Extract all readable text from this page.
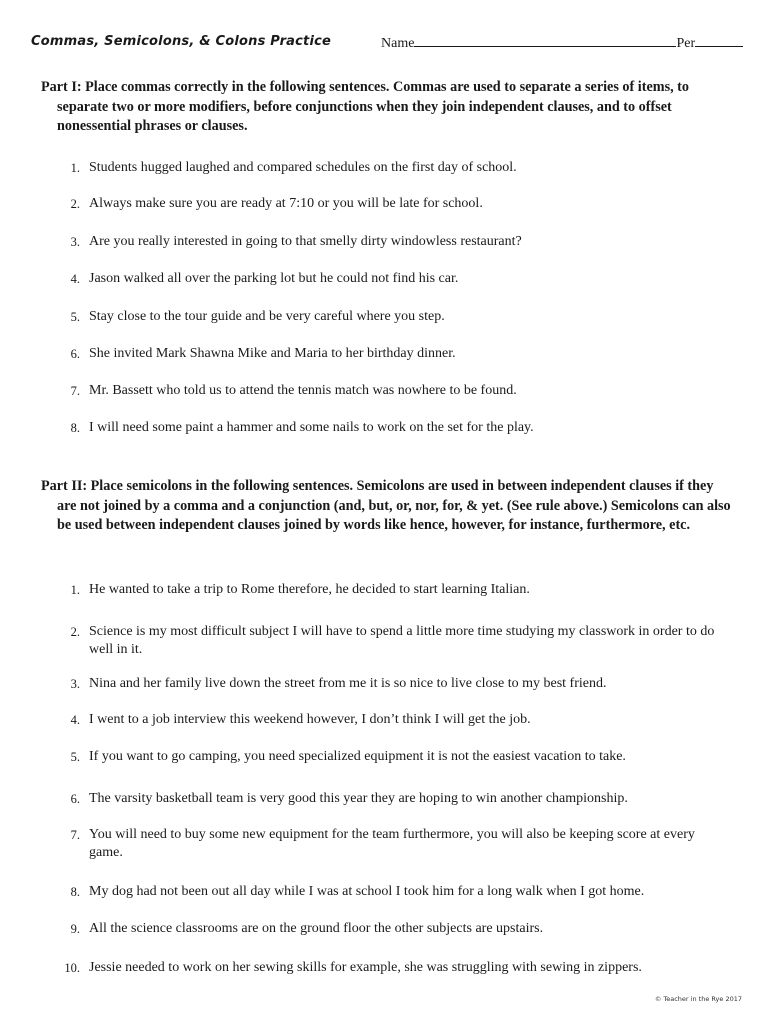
Commas, Semicolons, & Colons Practice	Name	Per
Part I: Place commas correctly in the following sentences. Commas are used to separate a series of items, to separate two or more modifiers, before conjunctions when they join independent clauses, and to offset nonessential phrases or clauses.
1. Students hugged laughed and compared schedules on the first day of school.
2. Always make sure you are ready at 7:10 or you will be late for school.
3. Are you really interested in going to that smelly dirty windowless restaurant?
4. Jason walked all over the parking lot but he could not find his car.
5. Stay close to the tour guide and be very careful where you step.
6. She invited Mark Shawna Mike and Maria to her birthday dinner.
7. Mr. Bassett who told us to attend the tennis match was nowhere to be found.
8. I will need some paint a hammer and some nails to work on the set for the play.
Part II: Place semicolons in the following sentences. Semicolons are used in between independent clauses if they are not joined by a comma and a conjunction (and, but, or, nor, for, & yet. (See rule above.) Semicolons can also be used between independent clauses joined by words like hence, however, for instance, furthermore, etc.
1. He wanted to take a trip to Rome therefore, he decided to start learning Italian.
2. Science is my most difficult subject I will have to spend a little more time studying my classwork in order to do well in it.
3. Nina and her family live down the street from me it is so nice to live close to my best friend.
4. I went to a job interview this weekend however, I don’t think I will get the job.
5. If you want to go camping, you need specialized equipment it is not the easiest vacation to take.
6. The varsity basketball team is very good this year they are hoping to win another championship.
7. You will need to buy some new equipment for the team furthermore, you will also be keeping score at every game.
8. My dog had not been out all day while I was at school I took him for a long walk when I got home.
9. All the science classrooms are on the ground floor the other subjects are upstairs.
10. Jessie needed to work on her sewing skills for example, she was struggling with sewing in zippers.
© Teacher in the Rye 2017
